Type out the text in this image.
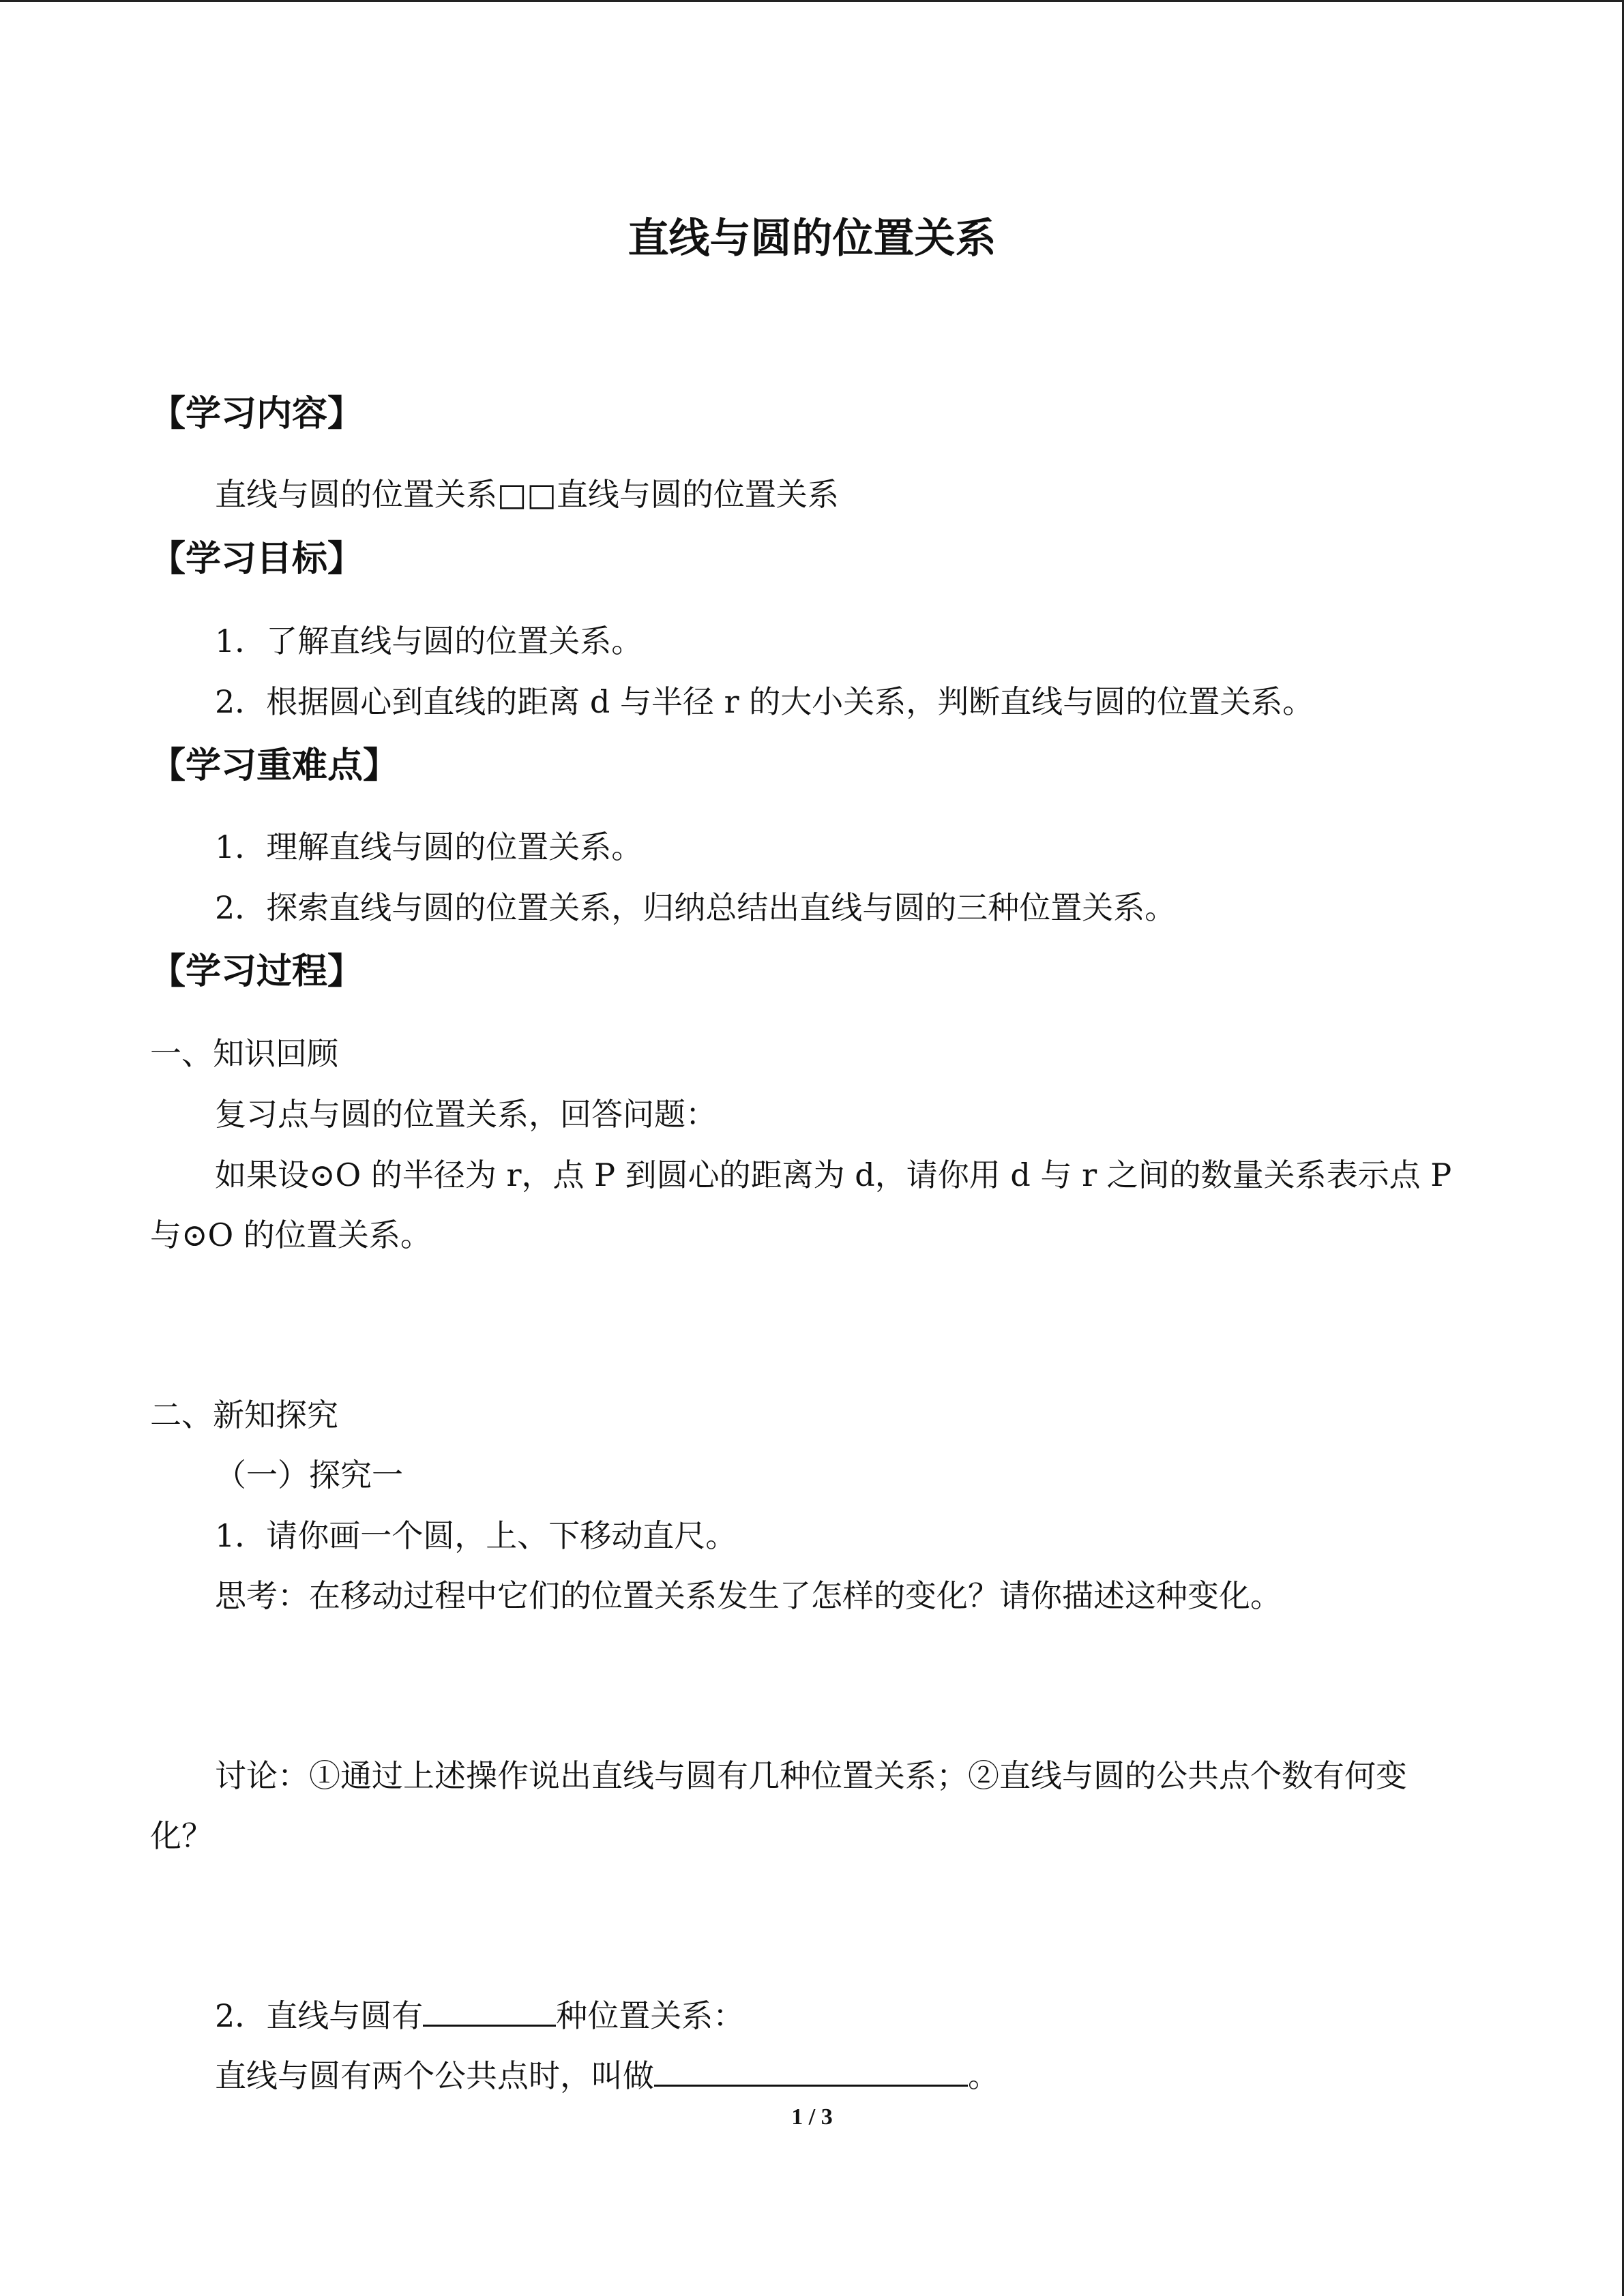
直线与圆的位置关系
【学习内容】
直线与圆的位置关系□□直线与圆的位置关系
【学习目标】
1．了解直线与圆的位置关系。
2．根据圆心到直线的距离 d 与半径 r 的大小关系，判断直线与圆的位置关系。
【学习重难点】
1．理解直线与圆的位置关系。
2．探索直线与圆的位置关系，归纳总结出直线与圆的三种位置关系。
【学习过程】
一、知识回顾
复习点与圆的位置关系，回答问题：
如果设⊙O 的半径为 r，点 P 到圆心的距离为 d，请你用 d 与 r 之间的数量关系表示点 P
与⊙O 的位置关系。
二、新知探究
（一）探究一
1．请你画一个圆，上、下移动直尺。
思考：在移动过程中它们的位置关系发生了怎样的变化？请你描述这种变化。
讨论：①通过上述操作说出直线与圆有几种位置关系；②直线与圆的公共点个数有何变
化？
2．直线与圆有	种位置关系：
直线与圆有两个公共点时，叫做	。
1 / 3
